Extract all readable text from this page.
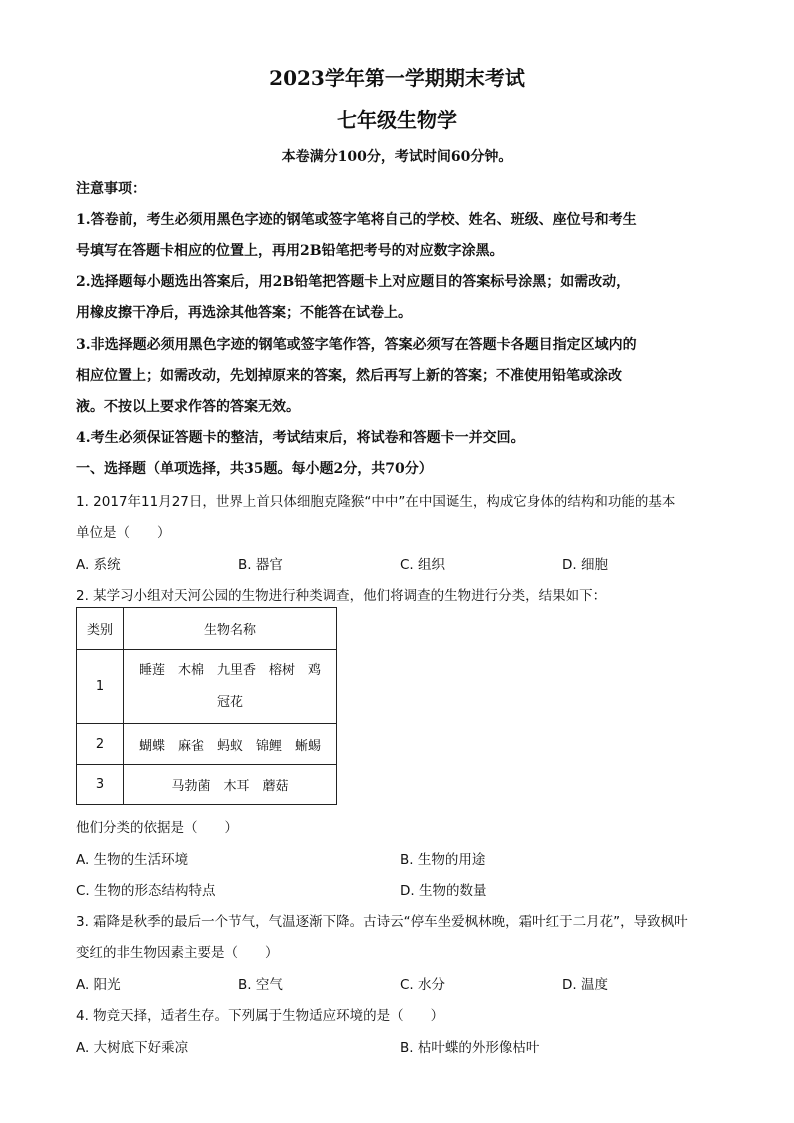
2023学年第一学期期末考试
七年级生物学
本卷满分100分，考试时间60分钟。
注意事项：
1.答卷前，考生必须用黑色字迹的钢笔或签字笔将自己的学校、姓名、班级、座位号和考生
号填写在答题卡相应的位置上，再用2B铅笔把考号的对应数字涂黑。
2.选择题每小题选出答案后，用2B铅笔把答题卡上对应题目的答案标号涂黑；如需改动，
用橡皮擦干净后，再选涂其他答案；不能答在试卷上。
3.非选择题必须用黑色字迹的钢笔或签字笔作答，答案必须写在答题卡各题目指定区域内的
相应位置上；如需改动，先划掉原来的答案，然后再写上新的答案；不准使用铅笔或涂改
液。不按以上要求作答的答案无效。
4.考生必须保证答题卡的整洁，考试结束后，将试卷和答题卡一并交回。
一、选择题（单项选择，共35题。每小题2分，共70分）
1. 2017年11月27日，世界上首只体细胞克隆猴“中中”在中国诞生，构成它身体的结构和功能的基本
单位是（　　）
A. 系统	B. 器官	C. 组织	D. 细胞
2. 某学习小组对天河公园的生物进行种类调查，他们将调查的生物进行分类，结果如下：
类别	生物名称
1	睡莲　木棉　九里香　榕树　鸡
冠花

2	蝴蝶　麻雀　蚂蚁　锦鲤　蜥蜴
3	马勃菌　木耳　蘑菇
他们分类的依据是（　　）
A. 生物的生活环境	B. 生物的用途
C. 生物的形态结构特点	D. 生物的数量
3. 霜降是秋季的最后一个节气，气温逐渐下降。古诗云“停车坐爱枫林晚，霜叶红于二月花”，导致枫叶
变红的非生物因素主要是（　　）
A. 阳光	B. 空气	C. 水分	D. 温度
4. 物竞天择，适者生存。下列属于生物适应环境的是（　　）
A. 大树底下好乘凉	B. 枯叶蝶的外形像枯叶
